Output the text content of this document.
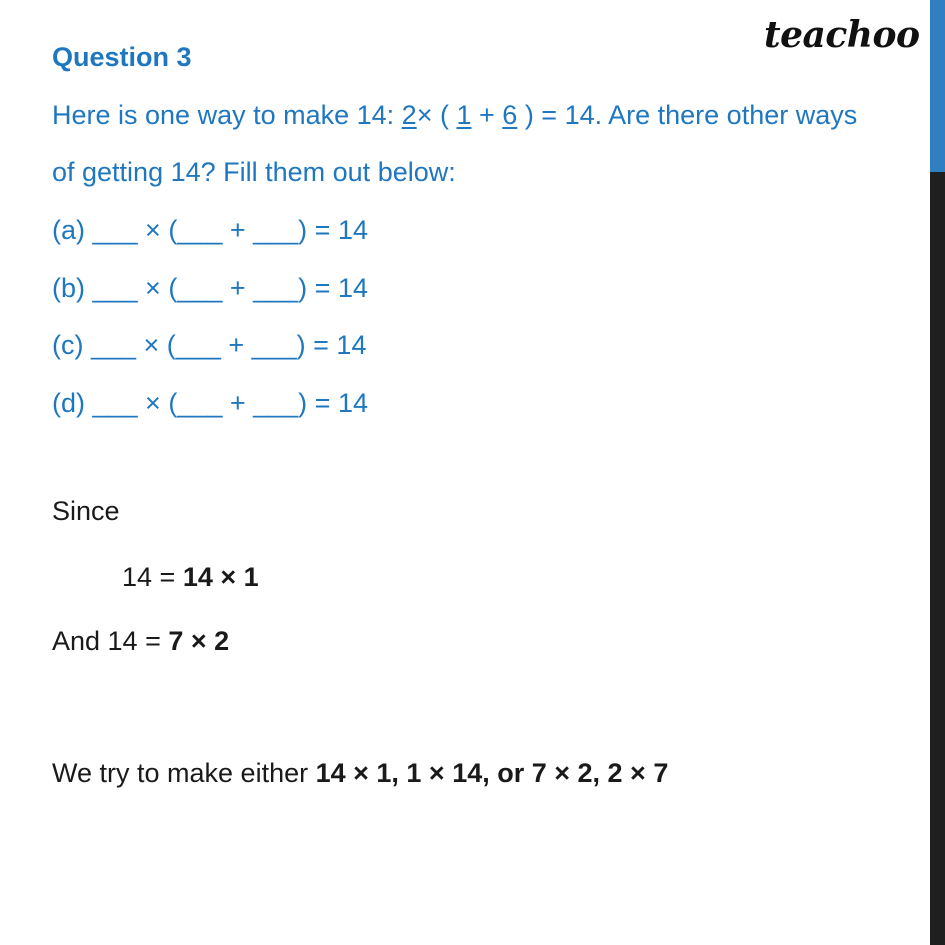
teachoo
Question 3
Here is one way to make 14: 2× ( 1 + 6 ) = 14. Are there other ways
of getting 14? Fill them out below:
(a) ___ × (___ + ___) = 14
(b) ___ × (___ + ___) = 14
(c) ___ × (___ + ___) = 14
(d) ___ × (___ + ___) = 14
Since
14 = 14 × 1
And 14 = 7 × 2
We try to make either 14 × 1, 1 × 14, or 7 × 2, 2 × 7
